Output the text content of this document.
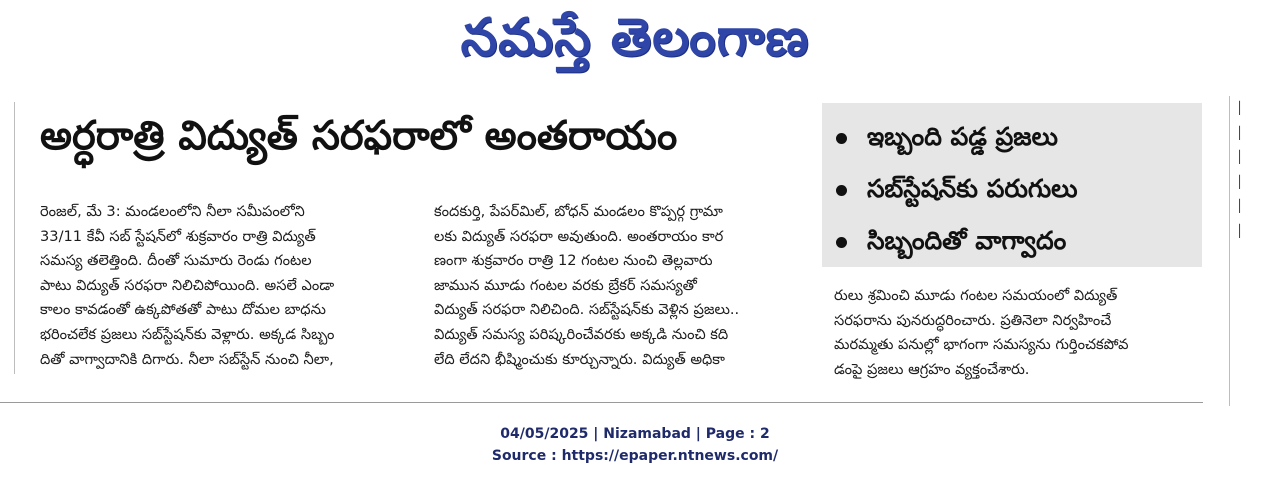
నమస్తే తెలంగాణ
అర్ధరాత్రి విద్యుత్ సరఫరాలో అంతరాయం	ఇబ్బంది పడ్డ ప్రజలు
సబ్‌స్టేషన్‌కు పరుగులు
సిబ్బందితో వాగ్వాదం
రెంజల్, మే 3: మండలంలోని నీలా సమీపంలోని
33/11 కేవీ సబ్ స్టేషన్‌లో శుక్రవారం రాత్రి విద్యుత్
సమస్య తలెత్తింది. దీంతో సుమారు రెండు గంటల
పాటు విద్యుత్ సరఫరా నిలిచిపోయింది. అసలే ఎండా
కాలం కావడంతో ఉక్కపోతతో పాటు దోమల బాధను
భరించలేక ప్రజలు సబ్‌స్టేషన్‌కు వెళ్లారు. అక్కడ సిబ్బం
దితో వాగ్వాదానికి దిగారు. నీలా సబ్‌స్టేన్ నుంచి నీలా,
కందకుర్తి, పేపర్‌మిల్, బోధన్ మండలం కొప్పర్గ గ్రామా
లకు విద్యుత్ సరఫరా అవుతుంది. అంతరాయం కార
ణంగా శుక్రవారం రాత్రి 12 గంటల నుంచి తెల్లవారు
జామున మూడు గంటల వరకు బ్రేకర్ సమస్యతో
విద్యుత్ సరఫరా నిలిచింది. సబ్‌స్టేషన్‌కు వెళ్లిన ప్రజలు..
విద్యుత్ సమస్య పరిష్కరించేవరకు అక్కడి నుంచి కది
లేది లేదని భీష్మించుకు కూర్చున్నారు. విద్యుత్ అధికా
రులు శ్రమించి మూడు గంటల సమయంలో విద్యుత్
సరఫరాను పునరుద్ధరించారు. ప్రతినెలా నిర్వహించే
మరమ్మతు పనుల్లో భాగంగా సమస్యను గుర్తించకపోవ
డంపై ప్రజలు ఆగ్రహం వ్యక్తంచేశారు.
│
│
│
│
│
│
04/05/2025 | Nizamabad | Page : 2
Source : https://epaper.ntnews.com/
